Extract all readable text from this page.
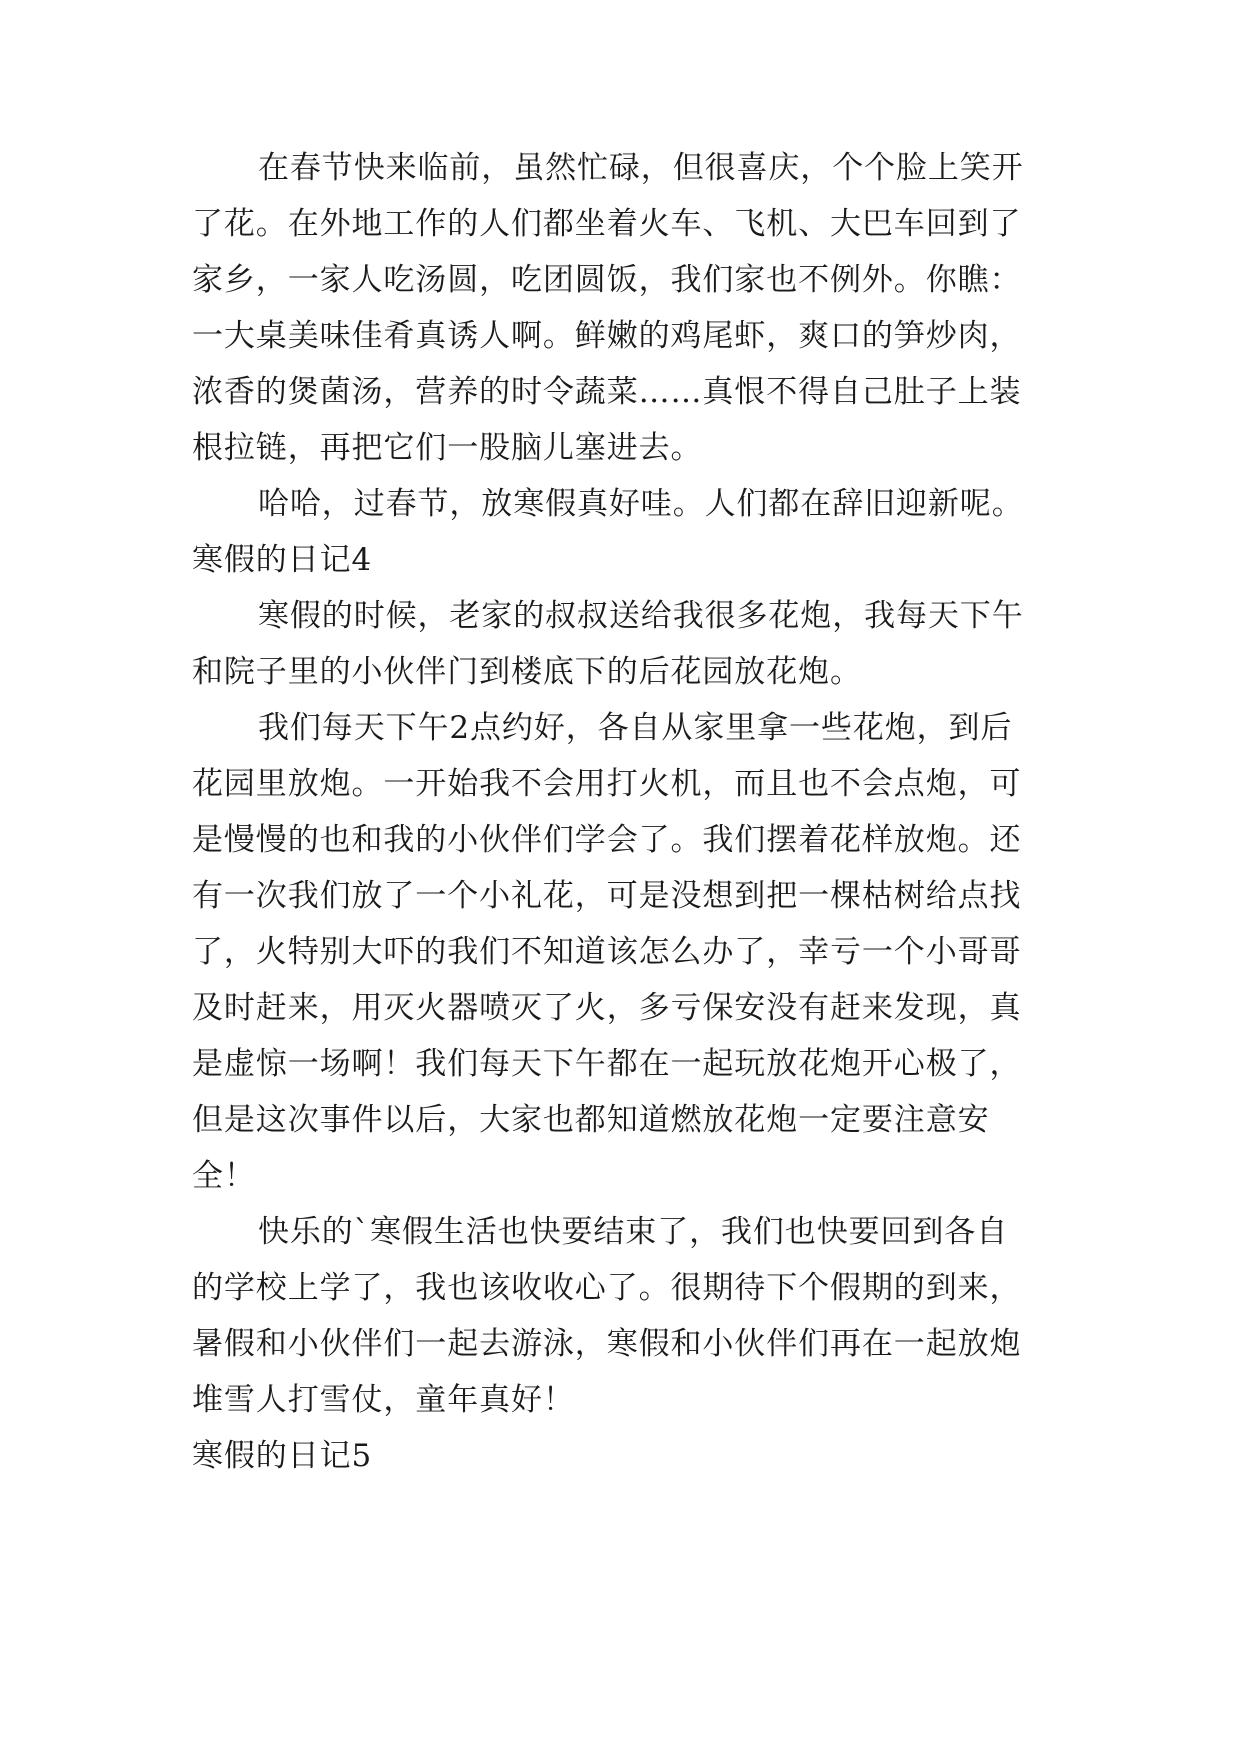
在春节快来临前，虽然忙碌，但很喜庆，个个脸上笑开
了花。在外地工作的人们都坐着火车、飞机、大巴车回到了
家乡，一家人吃汤圆，吃团圆饭，我们家也不例外。你瞧：
一大桌美味佳肴真诱人啊。鲜嫩的鸡尾虾，爽口的笋炒肉，
浓香的煲菌汤，营养的时令蔬菜……真恨不得自己肚子上装
根拉链，再把它们一股脑儿塞进去。
哈哈，过春节，放寒假真好哇。人们都在辞旧迎新呢。
寒假的日记4
寒假的时候，老家的叔叔送给我很多花炮，我每天下午
和院子里的小伙伴门到楼底下的后花园放花炮。
我们每天下午2点约好，各自从家里拿一些花炮，到后
花园里放炮。一开始我不会用打火机，而且也不会点炮，可
是慢慢的也和我的小伙伴们学会了。我们摆着花样放炮。还
有一次我们放了一个小礼花，可是没想到把一棵枯树给点找
了，火特别大吓的我们不知道该怎么办了，幸亏一个小哥哥
及时赶来，用灭火器喷灭了火，多亏保安没有赶来发现，真
是虚惊一场啊！我们每天下午都在一起玩放花炮开心极了，
但是这次事件以后，大家也都知道燃放花炮一定要注意安
全！
快乐的`寒假生活也快要结束了，我们也快要回到各自
的学校上学了，我也该收收心了。很期待下个假期的到来，
暑假和小伙伴们一起去游泳，寒假和小伙伴们再在一起放炮
堆雪人打雪仗，童年真好！
寒假的日记5
